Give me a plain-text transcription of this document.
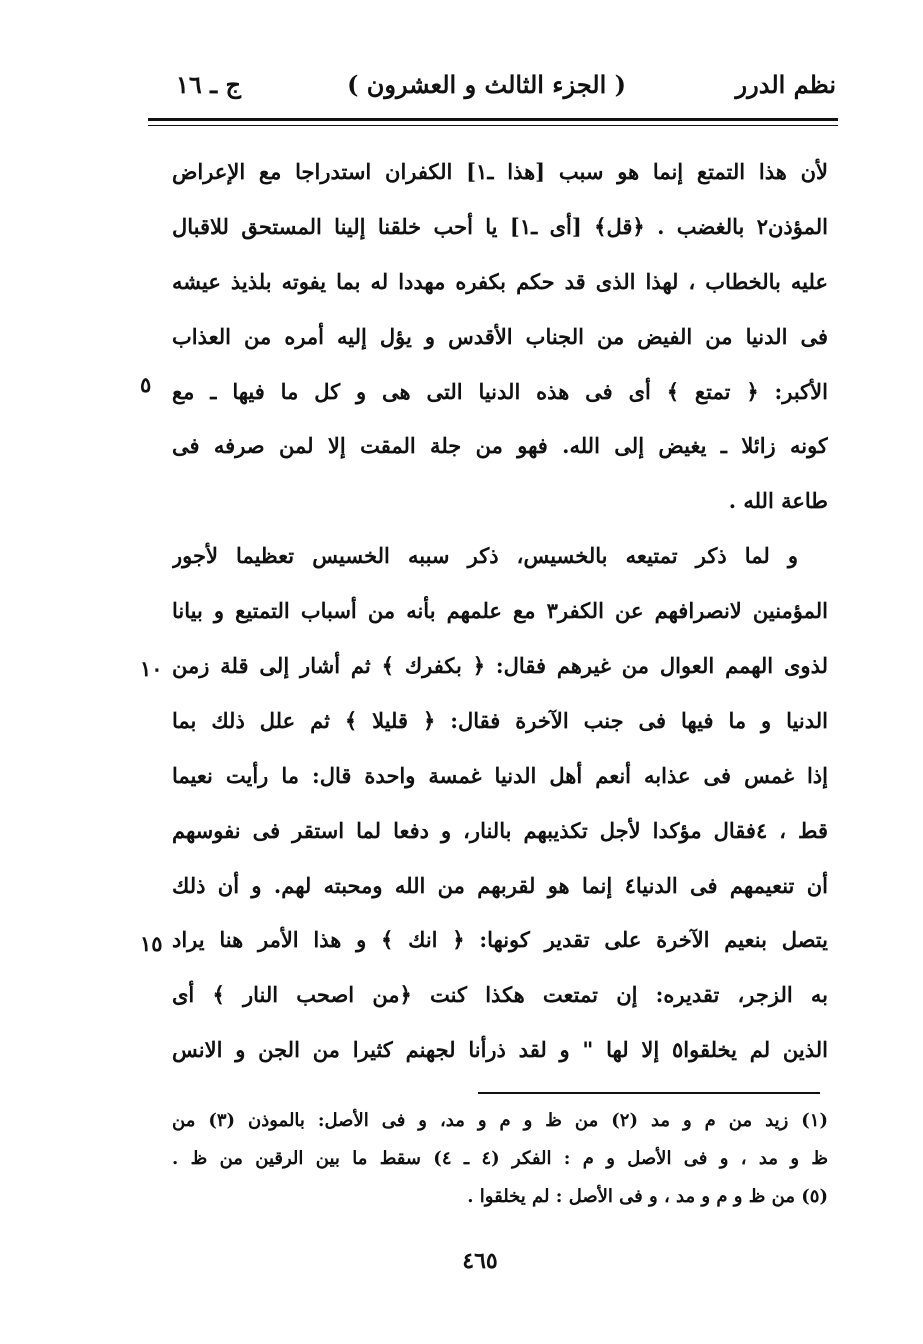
نظم الدرر
( الجزء الثالث و العشرون )
ج ـ ١٦
لأن هذا التمتع إنما هو سبب [هذا ـ١] الكفران استدراجا مع الإعراض
المؤذن٢ بالغضب . ﴿قل﴾ [أى ـ١] يا أحب خلقنا إلينا المستحق للاقبال
عليه بالخطاب ، لهذا الذى قد حكم بكفره مهددا له بما يفوته بلذيذ عيشه
فى الدنيا من الفيض من الجناب الأقدس و يؤل إليه أمره من العذاب
الأكبر: ﴿ تمتع ﴾ أى فى هذه الدنيا التى هى و كل ما فيها ـ مع
كونه زائلا ـ يغيض إلى الله. فهو من جلة المقت إلا لمن صرفه فى
طاعة الله .
و لما ذكر تمتيعه بالخسيس، ذكر سببه الخسيس تعظيما لأجور
المؤمنين لانصرافهم عن الكفر٣ مع علمهم بأنه من أسباب التمتيع و بيانا
لذوى الهمم العوال من غيرهم فقال: ﴿ بكفرك ﴾ ثم أشار إلى قلة زمن
الدنيا و ما فيها فى جنب الآخرة فقال: ﴿ قليلا ﴾ ثم علل ذلك بما
إذا غمس فى عذابه أنعم أهل الدنيا غمسة واحدة قال: ما رأيت نعيما
قط ، ٤فقال مؤكدا لأجل تكذيبهم بالنار، و دفعا لما استقر فى نفوسهم
أن تنعيمهم فى الدنيا٤ إنما هو لقربهم من الله ومحبته لهم. و أن ذلك
يتصل بنعيم الآخرة على تقدير كونها: ﴿ انك ﴾ و هذا الأمر هنا يراد
به الزجر، تقديره: إن تمتعت هكذا كنت ﴿من اصحب النار ﴾ أى
الذين لم يخلقوا٥ إلا لها " و لقد ذرأنا لجهنم كثيرا من الجن و الانس
٥
١٠
١٥
(١) زيد من م و مد (٢) من ظ و م و مد، و فى الأصل: بالموذن (٣) من
ظ و مد ، و فى الأصل و م : الفكر (٤ ـ ٤) سقط ما بين الرقين من ظ .
(٥) من ظ و م و مد ، و فى الأصل : لم يخلقوا .
٤٦٥
